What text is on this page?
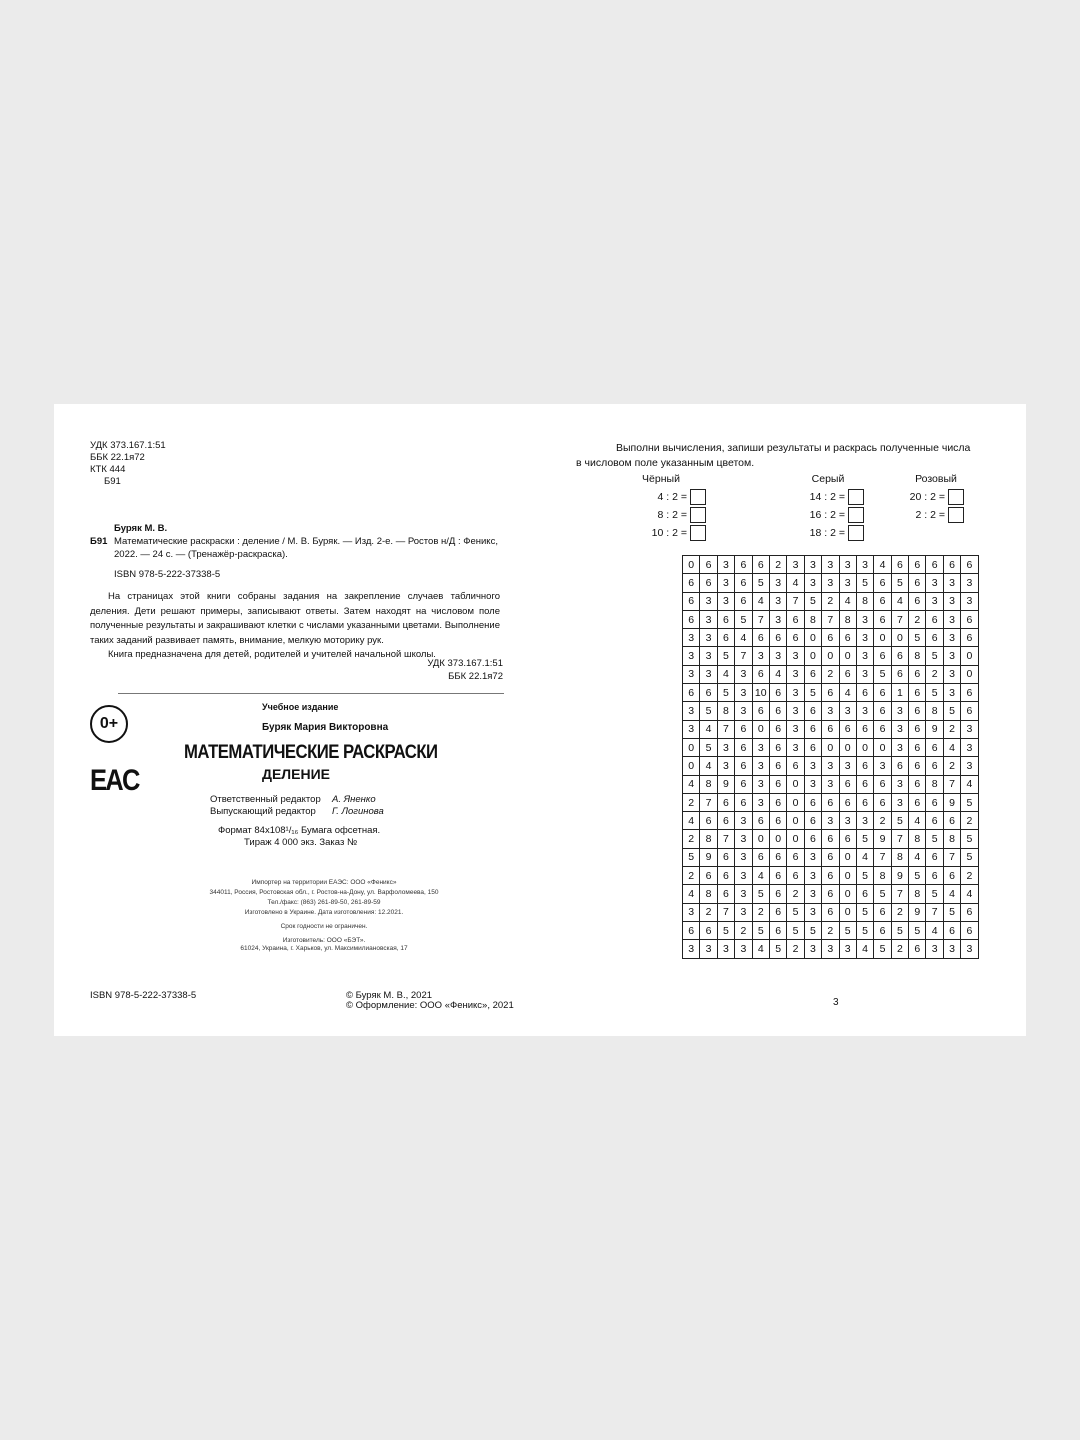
УДК 373.167.1:51
ББК 22.1я72
КТК 444
Б91
Буряк М. В.
Б91 Математические раскраски : деление / М. В. Буряк. — Изд. 2-е. — Ростов н/Д : Феникс,
2022. — 24 с. — (Тренажёр-раскраска).
ISBN 978-5-222-37338-5

На страницах этой книги собраны задания на закрепление случаев табличного деления. Дети решают примеры, записывают ответы. Затем находят на числовом поле полученные результаты и закрашивают клетки с числами указанными цветами. Выполнение таких заданий развивает память, внимание, мелкую моторику рук.

Книга предназначена для детей, родителей и учителей начальной школы.

УДК 373.167.1:51
ББК 22.1я72
0+
EAC
Учебное издание
Буряк Мария Викторовна
МАТЕМАТИЧЕСКИЕ РАСКРАСКИ
ДЕЛЕНИЕ
Ответственный редактор А. Яненко
Выпускающий редактор Г. Логинова
Формат 84x108¹/₁₆ Бумага офсетная.
Тираж 4 000 экз. Заказ №
Импортер на территории ЕАЭС: ООО «Феникс»
344011, Россия, Ростовская обл., г. Ростов-на-Дону, ул. Варфоломеева, 150
Тел./факс: (863) 261-89-50, 261-89-59
Изготовлено в Украине. Дата изготовления: 12.2021.
Срок годности не ограничен.
Изготовитель: ООО «БЭТ».
61024, Украина, г. Харьков, ул. Максимилиановская, 17
ISBN 978-5-222-37338-5	© Буряк М. В., 2021
© Оформление: ООО «Феникс», 2021
Выполни вычисления, запиши результаты и раскрась полученные числа
в числовом поле указанным цветом.
Чёрный
4 : 2 =
8 : 2 =
10 : 2 =
Серый
14 : 2 =
16 : 2 =
18 : 2 =
Розовый
20 : 2 =
2 : 2 =
0	6	3	6	6	2	3	3	3	3	3	4	6	6	6	6	6
6	6	3	6	5	3	4	3	3	3	5	6	5	6	3	3	3
6	3	3	6	4	3	7	5	2	4	8	6	4	6	3	3	3
6	3	6	5	7	3	6	8	7	8	3	6	7	2	6	3	6
3	3	6	4	6	6	6	0	6	6	3	0	0	5	6	3	6
3	3	5	7	3	3	3	0	0	0	3	6	6	8	5	3	0
3	3	4	3	6	4	3	6	2	6	3	5	6	6	2	3	0
6	6	5	3	10	6	3	5	6	4	6	6	1	6	5	3	6
3	5	8	3	6	6	3	6	3	3	3	6	3	6	8	5	6
3	4	7	6	0	6	3	6	6	6	6	6	3	6	9	2	3
0	5	3	6	3	6	3	6	0	0	0	0	3	6	6	4	3
0	4	3	6	3	6	6	3	3	3	6	3	6	6	6	2	3
4	8	9	6	3	6	0	3	3	6	6	6	3	6	8	7	4
2	7	6	6	3	6	0	6	6	6	6	6	3	6	6	9	5
4	6	6	3	6	6	0	6	3	3	3	2	5	4	6	6	2
2	8	7	3	0	0	0	6	6	6	5	9	7	8	5	8	5
5	9	6	3	6	6	6	3	6	0	4	7	8	4	6	7	5
2	6	6	3	4	6	6	3	6	0	5	8	9	5	6	6	2
4	8	6	3	5	6	2	3	6	0	6	5	7	8	5	4	4
3	2	7	3	2	6	5	3	6	0	5	6	2	9	7	5	6
6	6	5	2	5	6	5	5	2	5	5	6	5	5	4	6	6
3	3	3	3	4	5	2	3	3	3	4	5	2	6	3	3	3
3
